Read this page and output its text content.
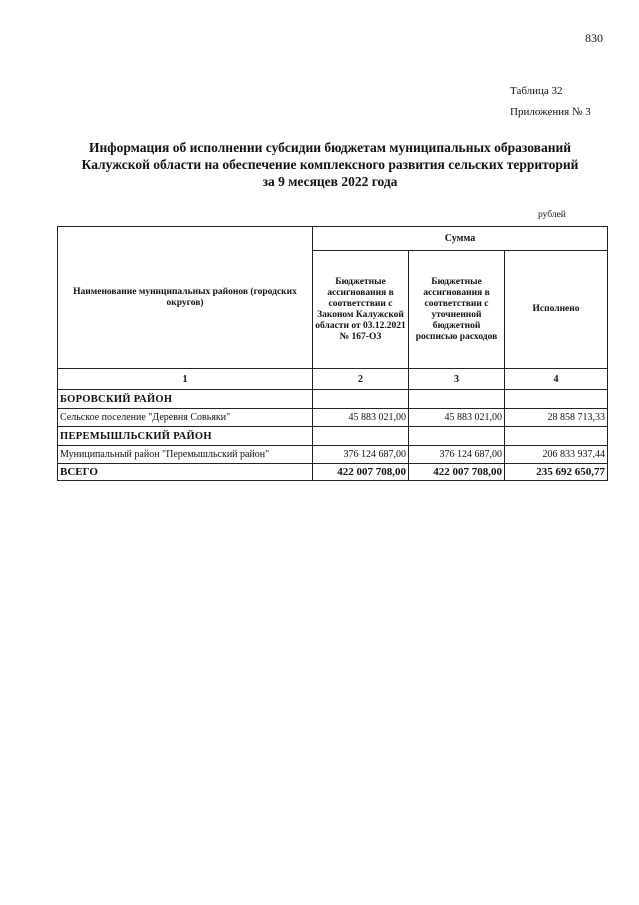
830
Таблица 32
Приложения № 3
Информация об исполнении субсидии бюджетам муниципальных образований
Калужской области на обеспечение комплексного развития сельских территорий
за 9 месяцев 2022 года
рублей
Наименование муниципальных районов (городских округов)	Сумма		
	Бюджетные ассигнования в соответствии с Законом Калужской области от 03.12.2021 № 167-ОЗ	Бюджетные ассигнования в соответствии с уточненной бюджетной росписью расходов	Исполнено
1	2	3	4
БОРОВСКИЙ РАЙОН			
Сельское поселение "Деревня Совьяки"	45 883 021,00	45 883 021,00	28 858 713,33
ПЕРЕМЫШЛЬСКИЙ РАЙОН			
Муниципальный район "Перемышльский район"	376 124 687,00	376 124 687,00	206 833 937,44
ВСЕГО	422 007 708,00	422 007 708,00	235 692 650,77
